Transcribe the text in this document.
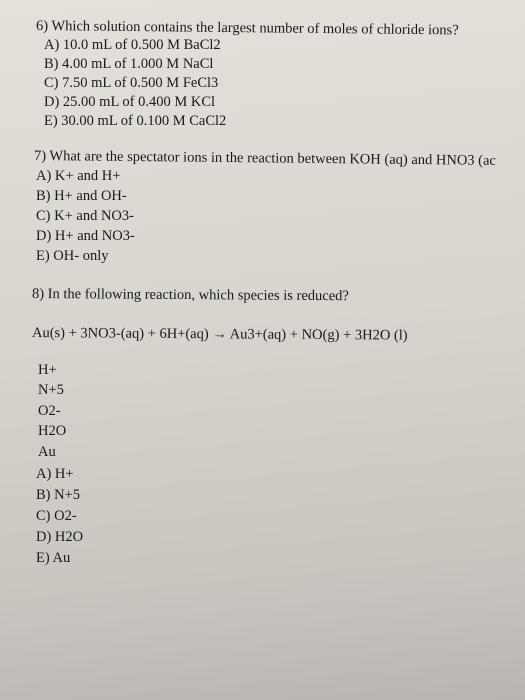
6) Which solution contains the largest number of moles of chloride ions?
A) 10.0 mL of 0.500 M BaCl2
B) 4.00 mL of 1.000 M NaCl
C) 7.50 mL of 0.500 M FeCl3
D) 25.00 mL of 0.400 M KCl
E) 30.00 mL of 0.100 M CaCl2
7) What are the spectator ions in the reaction between KOH (aq) and HNO3 (ac
A) K+ and H+
B) H+ and OH-
C) K+ and NO3-
D) H+ and NO3-
E) OH- only
8) In the following reaction, which species is reduced?
Au(s) + 3NO3-(aq) + 6H+(aq) → Au3+(aq) + NO(g) + 3H2O (l)
H+
N+5
O2-
H2O
Au
A) H+
B) N+5
C) O2-
D) H2O
E) Au
